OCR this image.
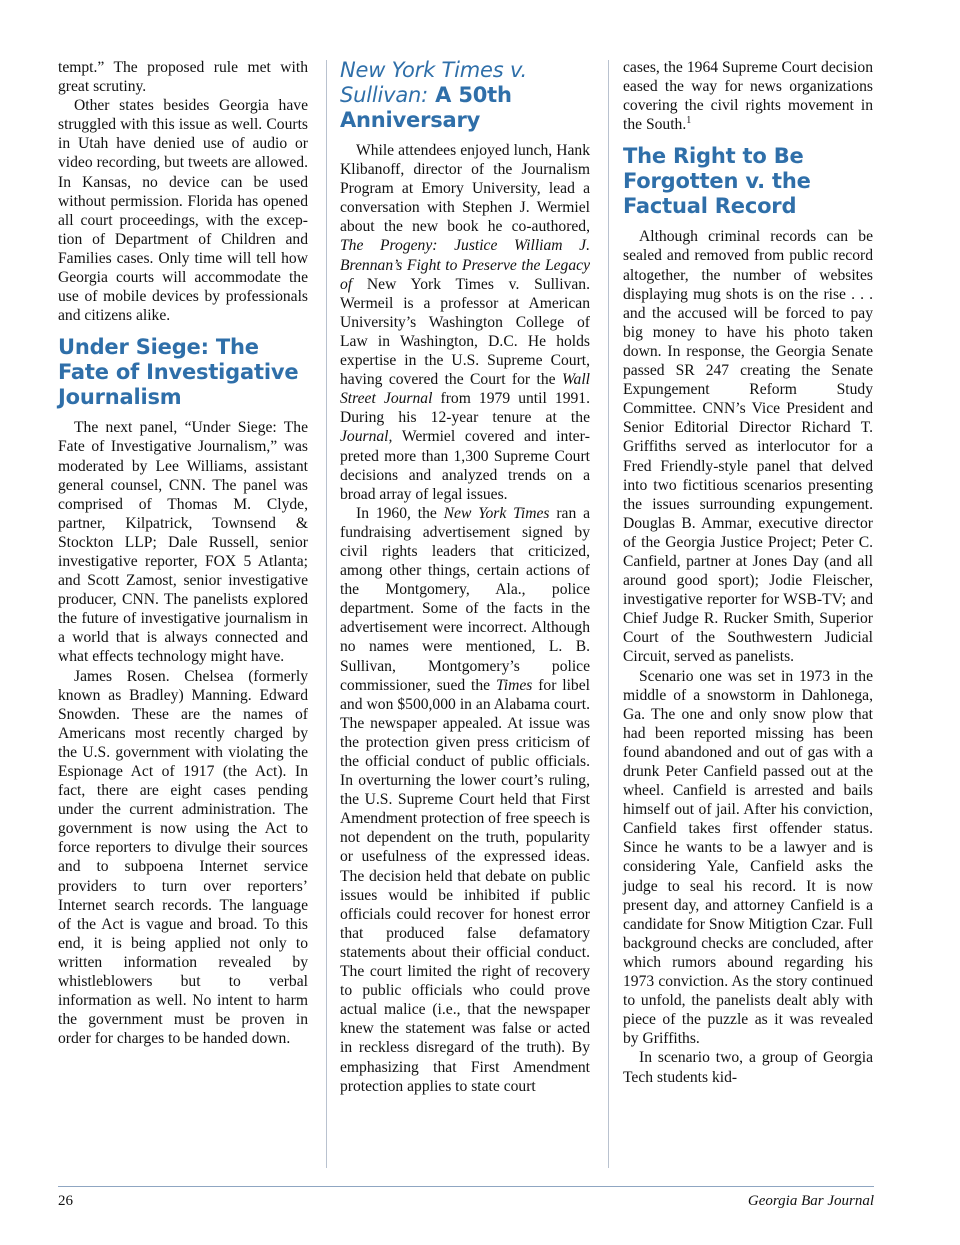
tempt.” The proposed rule met with great scrutiny.

Other states besides Georgia have struggled with this issue as well. Courts in Utah have denied use of audio or video recording, but tweets are allowed. In Kansas, no device can be used without permission. Florida has opened all court proceedings, with the exception of Department of Children and Families cases. Only time will tell how Georgia courts will accommodate the use of mobile devices by professionals and citizens alike.

Under Siege: The Fate of Investigative Journalism

The next panel, “Under Siege: The Fate of Investigative Journalism,” was moderated by Lee Williams, assistant general counsel, CNN. The panel was comprised of Thomas M. Clyde, partner, Kilpatrick, Townsend & Stockton LLP; Dale Russell, senior investigative reporter, FOX 5 Atlanta; and Scott Zamost, senior investigative producer, CNN. The panelists explored the future of investigative journalism in a world that is always connected and what effects technology might have.

James Rosen. Chelsea (formerly known as Bradley) Manning. Edward Snowden. These are the names of Americans most recently charged by the U.S. government with violating the Espionage Act of 1917 (the Act). In fact, there are eight cases pending under the current administration. The government is now using the Act to force reporters to divulge their sources and to subpoena Internet service providers to turn over reporters’ Internet search records. The language of the Act is vague and broad. To this end, it is being applied not only to written information revealed by whistleblowers but to verbal information as well. No intent to harm the government must be proven in order for charges to be handed down.

New York Times v. Sullivan: A 50th Anniversary

While attendees enjoyed lunch, Hank Klibanoff, director of the Journalism Program at Emory University, lead a conversation with Stephen J. Wermiel about the new book he co-authored, The Progeny: Justice William J. Brennan’s Fight to Preserve the Legacy of New York Times v. Sullivan. Wermeil is a professor at American University’s Washington College of Law in Washington, D.C. He holds expertise in the U.S. Supreme Court, having covered the Court for the Wall Street Journal from 1979 until 1991. During his 12-year tenure at the Journal, Wermiel covered and interpreted more than 1,300 Supreme Court decisions and analyzed trends on a broad array of legal issues.

In 1960, the New York Times ran a fundraising advertisement signed by civil rights leaders that criticized, among other things, certain actions of the Montgomery, Ala., police department. Some of the facts in the advertisement were incorrect. Although no names were mentioned, L. B. Sullivan, Montgomery’s police commissioner, sued the Times for libel and won $500,000 in an Alabama court. The newspaper appealed. At issue was the protection given press criticism of the official conduct of public officials. In overturning the lower court’s ruling, the U.S. Supreme Court held that First Amendment protection of free speech is not dependent on the truth, popularity or usefulness of the expressed ideas. The decision held that debate on public issues would be inhibited if public officials could recover for honest error that produced false defamatory statements about their official conduct. The court limited the right of recovery to public officials who could prove actual malice (i.e., that the newspaper knew the statement was false or acted in reckless disregard of the truth). By emphasizing that First Amendment protection applies to state court

cases, the 1964 Supreme Court decision eased the way for news organizations covering the civil rights movement in the South.$^1$

The Right to Be Forgotten v. the Factual Record

Although criminal records can be sealed and removed from public record altogether, the number of websites displaying mug shots is on the rise . . . and the accused will be forced to pay big money to have his photo taken down. In response, the Georgia Senate passed SR 247 creating the Senate Expungement Reform Study Committee. CNN’s Vice President and Senior Editorial Director Richard T. Griffiths served as interlocutor for a Fred Friendly-style panel that delved into two fictitious scenarios presenting the issues surrounding expungement. Douglas B. Ammar, executive director of the Georgia Justice Project; Peter C. Canfield, partner at Jones Day (and all around good sport); Jodie Fleischer, investigative reporter for WSB-TV; and Chief Judge R. Rucker Smith, Superior Court of the Southwestern Judicial Circuit, served as panelists.

Scenario one was set in 1973 in the middle of a snowstorm in Dahlonega, Ga. The one and only snow plow that had been reported missing has been found abandoned and out of gas with a drunk Peter Canfield passed out at the wheel. Canfield is arrested and bails himself out of jail. After his conviction, Canfield takes first offender status. Since he wants to be a lawyer and is considering Yale, Canfield asks the judge to seal his record. It is now present day, and attorney Canfield is a candidate for Snow Mitigtion Czar. Full background checks are concluded, after which rumors abound regarding his 1973 conviction. As the story continued to unfold, the panelists dealt ably with piece of the puzzle as it was revealed by Griffiths.

In scenario two, a group of Georgia Tech students kid-

26	Georgia Bar Journal
